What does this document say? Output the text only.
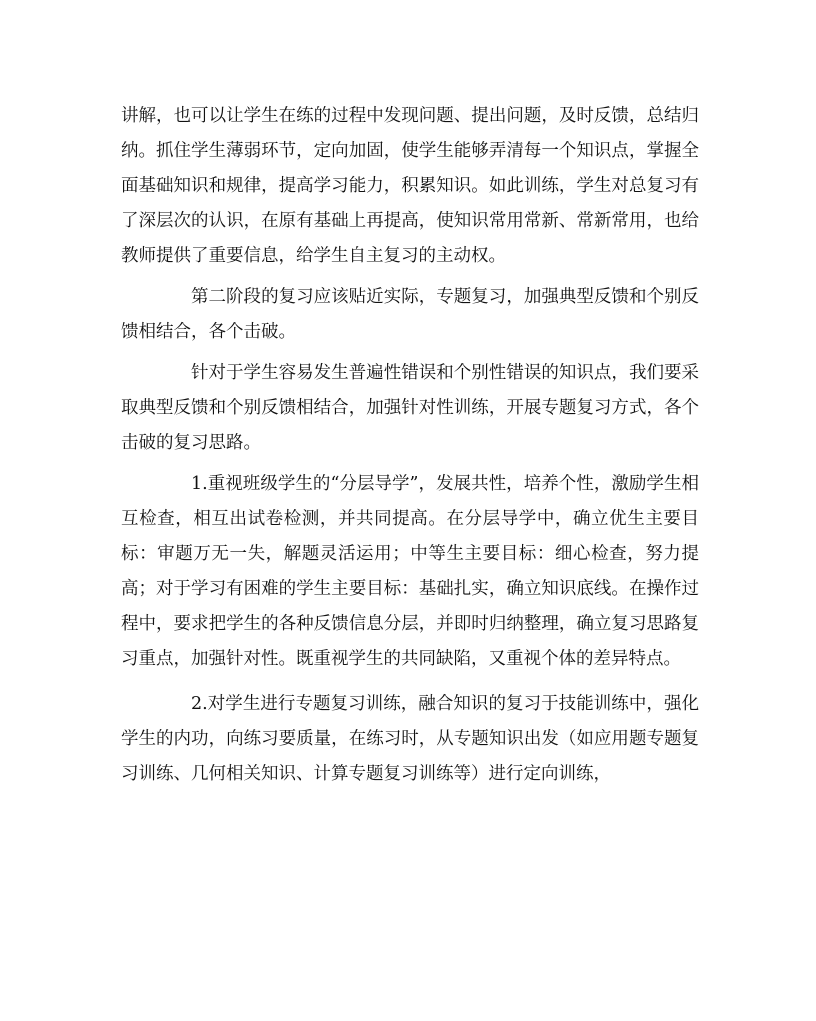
讲解，也可以让学生在练的过程中发现问题、提出问题，及时反馈，总结归纳。抓住学生薄弱环节，定向加固，使学生能够弄清每一个知识点，掌握全面基础知识和规律，提高学习能力，积累知识。如此训练，学生对总复习有了深层次的认识，在原有基础上再提高，使知识常用常新、常新常用，也给教师提供了重要信息，给学生自主复习的主动权。

第二阶段的复习应该贴近实际，专题复习，加强典型反馈和个别反馈相结合，各个击破。

针对于学生容易发生普遍性错误和个别性错误的知识点，我们要采取典型反馈和个别反馈相结合，加强针对性训练，开展专题复习方式，各个击破的复习思路。

1.重视班级学生的“分层导学”，发展共性，培养个性，激励学生相互检查，相互出试卷检测，并共同提高。在分层导学中，确立优生主要目标：审题万无一失，解题灵活运用；中等生主要目标：细心检查，努力提高；对于学习有困难的学生主要目标：基础扎实，确立知识底线。在操作过程中，要求把学生的各种反馈信息分层，并即时归纳整理，确立复习思路复习重点，加强针对性。既重视学生的共同缺陷，又重视个体的差异特点。

2.对学生进行专题复习训练，融合知识的复习于技能训练中，强化学生的内功，向练习要质量，在练习时，从专题知识出发（如应用题专题复习训练、几何相关知识、计算专题复习训练等）进行定向训练，
